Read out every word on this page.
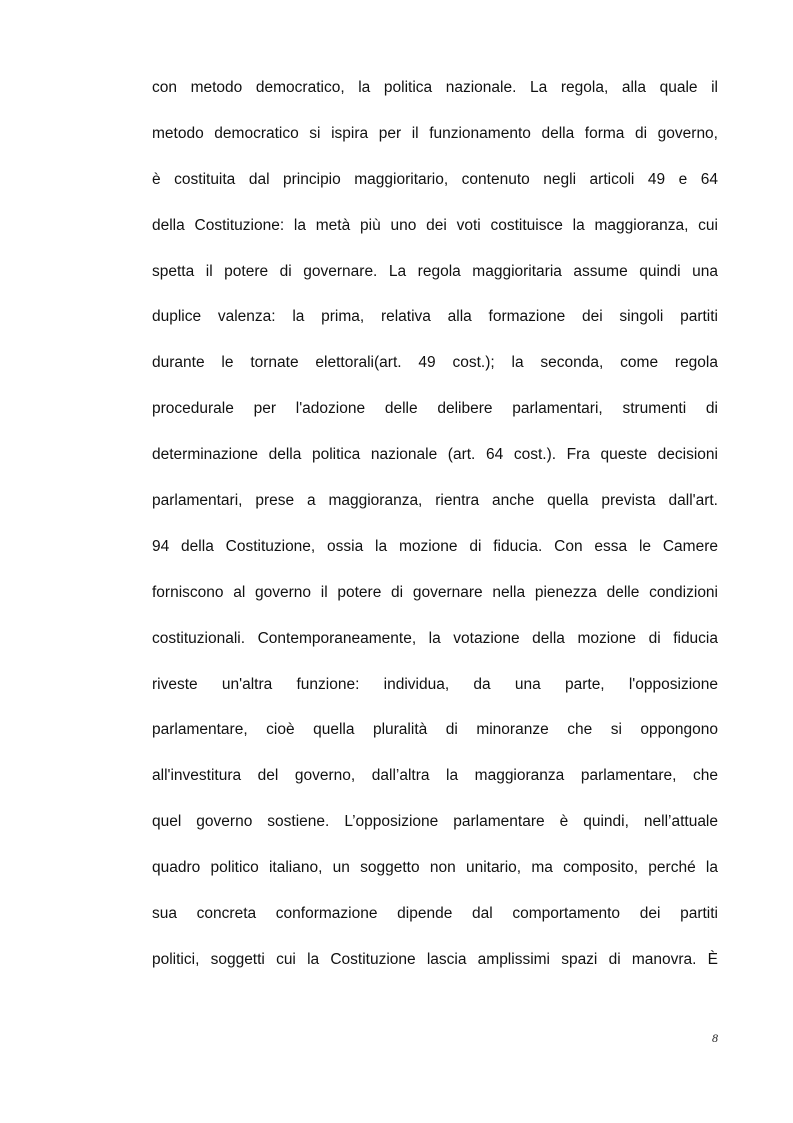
con metodo democratico, la politica nazionale. La regola, alla quale il
metodo democratico si ispira per il funzionamento della forma di governo,
è costituita dal principio maggioritario, contenuto negli articoli 49 e 64
della Costituzione: la metà più uno dei voti costituisce la maggioranza, cui
spetta il potere di governare. La regola maggioritaria assume quindi una
duplice valenza: la prima, relativa alla formazione dei singoli partiti
durante le tornate elettorali(art. 49 cost.); la seconda, come regola
procedurale per l'adozione delle delibere parlamentari, strumenti di
determinazione della politica nazionale (art. 64 cost.). Fra queste decisioni
parlamentari, prese a maggioranza, rientra anche quella prevista dall'art.
94 della Costituzione, ossia la mozione di fiducia. Con essa le Camere
forniscono al governo il potere di governare nella pienezza delle condizioni
costituzionali. Contemporaneamente, la votazione della mozione di fiducia
riveste un'altra funzione: individua, da una parte, l'opposizione
parlamentare, cioè quella pluralità di minoranze che si oppongono
all'investitura del governo, dall’altra la maggioranza parlamentare, che
quel governo sostiene. L’opposizione parlamentare è quindi, nell’attuale
quadro politico italiano, un soggetto non unitario, ma composito, perché la
sua concreta conformazione dipende dal comportamento dei partiti
politici, soggetti cui la Costituzione lascia amplissimi spazi di manovra. È
8
